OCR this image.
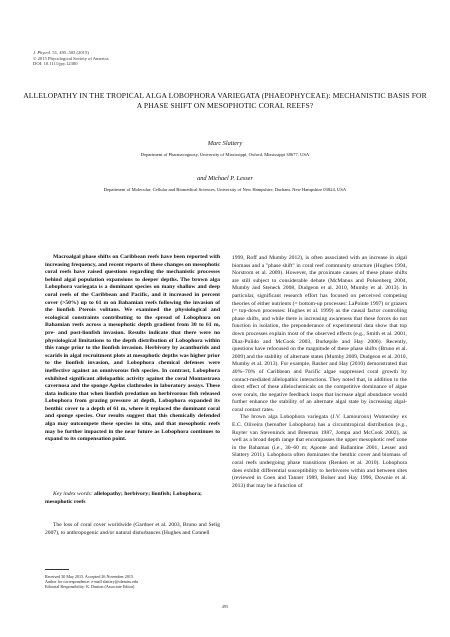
J. Phycol. 51, 495–505 (2015)
© 2015 Phycological Society of America
DOI: 10.1111/jpy.12300
ALLELOPATHY IN THE TROPICAL ALGA LOBOPHORA VARIEGATA (PHAEOPHYCEAE): MECHANISTIC BASIS FOR A PHASE SHIFT ON MESOPHOTIC CORAL REEFS?
Marc Slattery
Department of Pharmacognosy, University of Mississippi, Oxford, Mississippi 38677, USA
and Michael P. Lesser
Department of Molecular, Cellular and Biomedical Sciences, University of New Hampshire, Durham, New Hampshire 03824, USA
Macroalgal phase shifts on Caribbean reefs have been reported with increasing frequency, and recent reports of these changes on mesophotic coral reefs have raised questions regarding the mechanistic processes behind algal population expansions to deeper depths. The brown alga Lobophora variegata is a dominant species on many shallow and deep coral reefs of the Caribbean and Pacific, and it increased in percent cover (>50%) up to 61 m on Bahamian reefs following the invasion of the lionfish Pterois volitans. We examined the physiological and ecological constraints contributing to the spread of Lobophora on Bahamian reefs across a mesophotic depth gradient from 30 to 61 m, pre- and post-lionfish invasion. Results indicate that there were no physiological limitations to the depth distribution of Lobophora within this range prior to the lionfish invasion. Herbivory by acanthurids and scarids in algal recruitment plots at mesophotic depths was higher prior to the lionfish invasion, and Lobophora chemical defenses were ineffective against an omnivorous fish species. In contrast, Lobophora exhibited significant allelopathic activity against the coral Montastraea cavernosa and the sponge Agelas clathrodes in laboratory assays. These data indicate that when lionfish predation on herbivorous fish released Lobophora from grazing pressure at depth, Lobophora expanded its benthic cover to a depth of 61 m, where it replaced the dominant coral and sponge species. Our results suggest that this chemically defended alga may outcompete these species in situ, and that mesophotic reefs may be further impacted in the near future as Lobophora continues to expand to its compensation point.
Key index words: allelopathy; herbivory; lionfish; Lobophora; mesophotic reefs
The loss of coral cover worldwide (Gardner et al. 2003, Bruno and Selig 2007), to anthropogenic and/or natural disturbances (Hughes and Connell
Received 30 May 2015. Accepted 26 November 2015.
Author for correspondence: e-mail slattery@olemiss.edu
Editorial Responsibility: K. Dunton (Associate Editor)

1999, Roff and Mumby 2012), is often associated with an increase in algal biomass and a "phase shift" in coral reef community structure (Hughes 1994, Norstrom et al. 2009). However, the proximate causes of these phase shifts are still subject to considerable debate (McManus and Polsenberg 2004, Mumby and Steneck 2008, Dudgeon et al. 2010, Mumby et al. 2013). In particular, significant research effort has focused on perceived competing theories of either nutrients (= bottom-up processes: LaPointe 1997) or grazers (= top-down processes: Hughes et al. 1999) as the causal factor controlling phase shifts, and while there is increasing awareness that these forces do not function in isolation, the preponderance of experimental data show that top down processes explain most of the observed effects (e.g., Smith et al. 2001, Diaz-Pulido and McCook 2003, Burkepile and Hay 2006). Recently, questions have refocused on the magnitude of these phase shifts (Bruno et al. 2009) and the stability of alternate states (Mumby 2009, Dudgeon et al. 2010, Mumby et al. 2013). For example, Rasher and Hay (2010) demonstrated that 40%–70% of Caribbean and Pacific algae suppressed coral growth by contact-mediated allelopathic interactions. They noted that, in addition to the direct effect of these allelochemicals on the competitive dominance of algae over corals, the negative feedback loops that increase algal abundance would further enhance the stability of an alternate algal state by increasing algal-coral contact rates.

The brown alga Lobophora variegata (J.V. Lamouroux) Womersley ex E.C. Oliveira (hereafter Lobophora) has a circumtropical distribution (e.g., Ruyter van Steveninck and Breeman 1987, Jompa and McCook 2002), as well as a broad depth range that encompasses the upper mesophotic reef zone in the Bahamas (i.e., 30–60 m; Aponte and Ballantine 2001, Lesser and Slattery 2011). Lobophora often dominates the benthic cover and biomass of coral reefs undergoing phase transitions (Renken et al. 2010). Lobophora does exhibit differential susceptibility to herbivores within and between sites (reviewed in Coen and Tanner 1989, Bolser and Hay 1996, Downie et al. 2013) that may be a function of

495
